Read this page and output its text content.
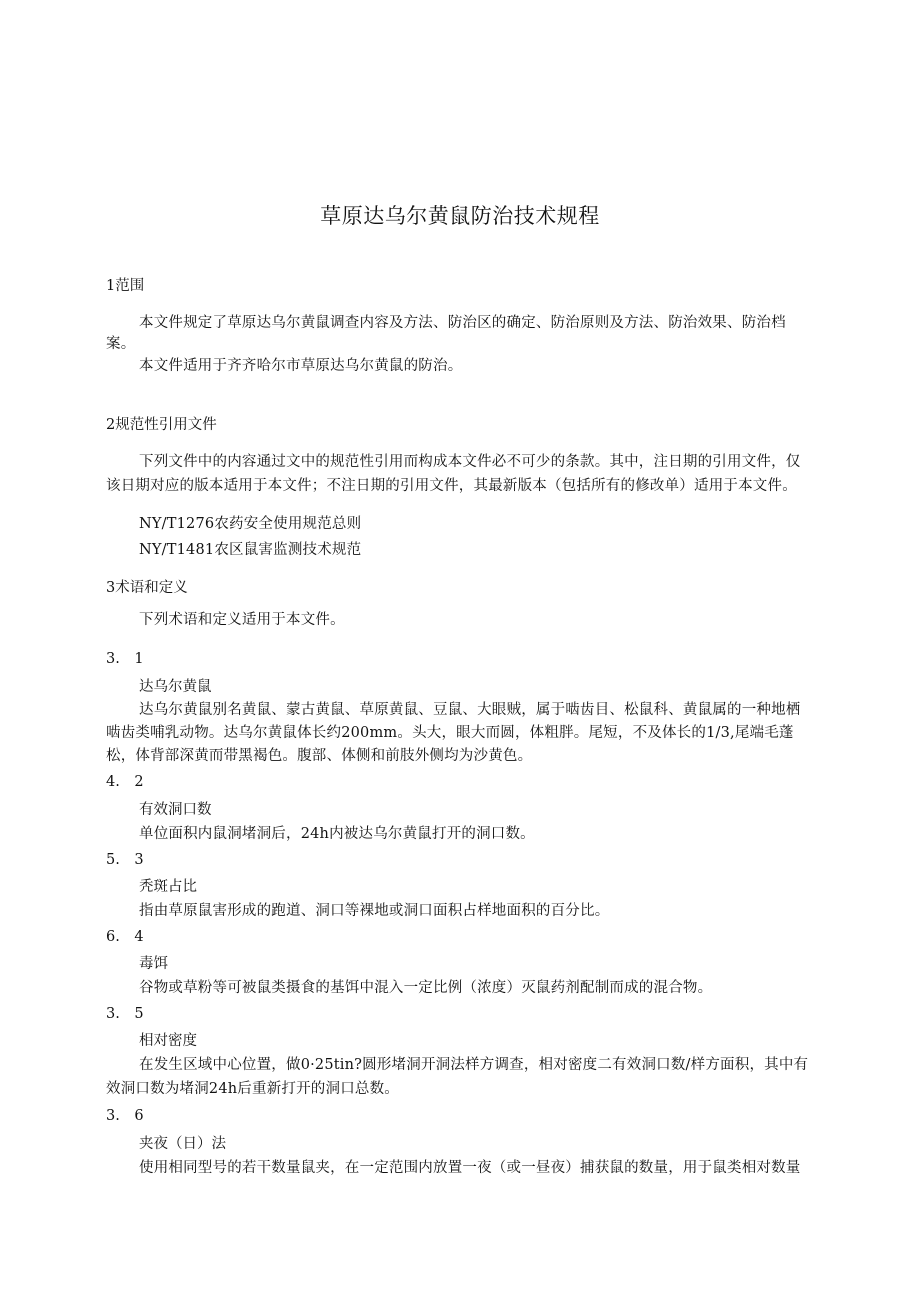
草原达乌尔黄鼠防治技术规程
1范围
本文件规定了草原达乌尔黄鼠调查内容及方法、防治区的确定、防治原则及方法、防治效果、防治档
案。
本文件适用于齐齐哈尔市草原达乌尔黄鼠的防治。
2规范性引用文件
下列文件中的内容通过文中的规范性引用而构成本文件必不可少的条款。其中，注日期的引用文件，仅
该日期对应的版本适用于本文件；不注日期的引用文件，其最新版本（包括所有的修改单）适用于本文件。
NY/T1276农药安全使用规范总则
NY/T1481农区鼠害监测技术规范
3术语和定义
下列术语和定义适用于本文件。
3.　1
达乌尔黄鼠
达乌尔黄鼠别名黄鼠、蒙古黄鼠、草原黄鼠、豆鼠、大眼贼，属于啮齿目、松鼠科、黄鼠属的一种地栖
啮齿类哺乳动物。达乌尔黄鼠体长约200mm。头大，眼大而圆，体粗胖。尾短，不及体长的1/3,尾端毛蓬
松，体背部深黄而带黑褐色。腹部、体侧和前肢外侧均为沙黄色。
4.　2
有效洞口数
单位面积内鼠洞堵洞后，24h内被达乌尔黄鼠打开的洞口数。
5.　3
秃斑占比
指由草原鼠害形成的跑道、洞口等裸地或洞口面积占样地面积的百分比。
6.　4
毒饵
谷物或草粉等可被鼠类摄食的基饵中混入一定比例（浓度）灭鼠药剂配制而成的混合物。
3.　5
相对密度
在发生区域中心位置，做0·25tin?圆形堵洞开洞法样方调查，相对密度二有效洞口数/样方面积，其中有
效洞口数为堵洞24h后重新打开的洞口总数。
3.　6
夹夜（日）法
使用相同型号的若干数量鼠夹，在一定范围内放置一夜（或一昼夜）捕获鼠的数量，用于鼠类相对数量
